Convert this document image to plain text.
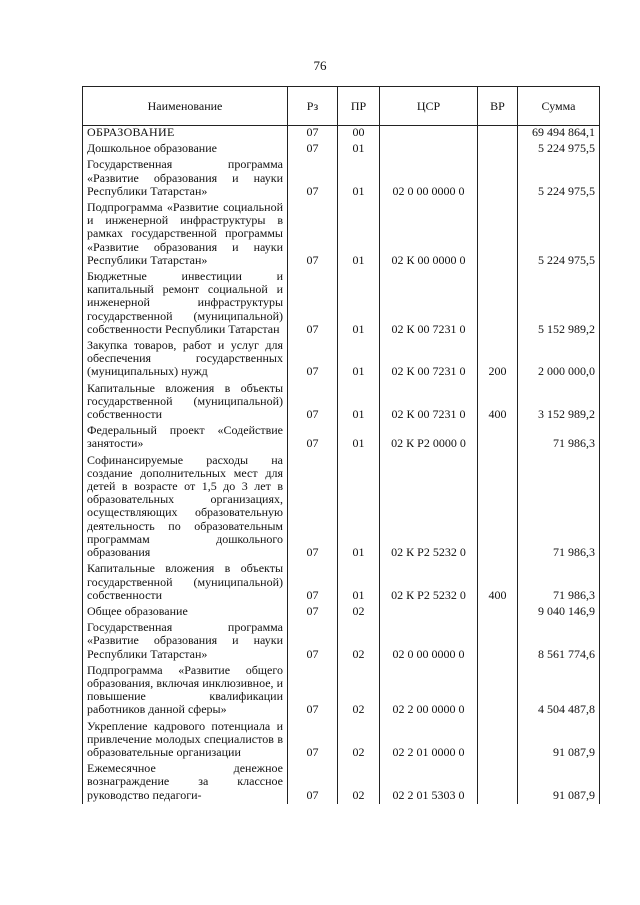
76
Наименование	Рз	ПР	ЦСР	ВР	Сумма
ОБРАЗОВАНИЕ	07	00			69 494 864,1
Дошкольное образование	07	01			5 224 975,5
Государственная программа «Развитие образования и науки Республики Татарстан»	07	01	02 0 00 0000 0		5 224 975,5
Подпрограмма «Развитие социальной и инженерной инфраструктуры в рамках государственной программы «Развитие образования и науки Республики Татарстан»	07	01	02 К 00 0000 0		5 224 975,5
Бюджетные инвестиции и капитальный ремонт социальной и инженерной инфраструктуры государственной (муниципальной) собственности Республики Татарстан	07	01	02 К 00 7231 0		5 152 989,2
Закупка товаров, работ и услуг для обеспечения государственных (муниципальных) нужд	07	01	02 К 00 7231 0	200	2 000 000,0
Капитальные вложения в объекты государственной (муниципальной) собственности	07	01	02 К 00 7231 0	400	3 152 989,2
Федеральный проект «Содействие занятости»	07	01	02 К Р2 0000 0		71 986,3
Софинансируемые расходы на создание дополнительных мест для детей в возрасте от 1,5 до 3 лет в образовательных организациях, осуществляющих образовательную деятельность по образовательным программам дошкольного образования	07	01	02 К Р2 5232 0		71 986,3
Капитальные вложения в объекты государственной (муниципальной) собственности	07	01	02 К Р2 5232 0	400	71 986,3
Общее образование	07	02			9 040 146,9
Государственная программа «Развитие образования и науки Республики Татарстан»	07	02	02 0 00 0000 0		8 561 774,6
Подпрограмма «Развитие общего образования, включая инклюзивное, и повышение квалификации работников данной сферы»	07	02	02 2 00 0000 0		4 504 487,8
Укрепление кадрового потенциала и привлечение молодых специалистов в образовательные организации	07	02	02 2 01 0000 0		91 087,9
Ежемесячное денежное вознаграждение за классное руководство педагоги-	07	02	02 2 01 5303 0		91 087,9
